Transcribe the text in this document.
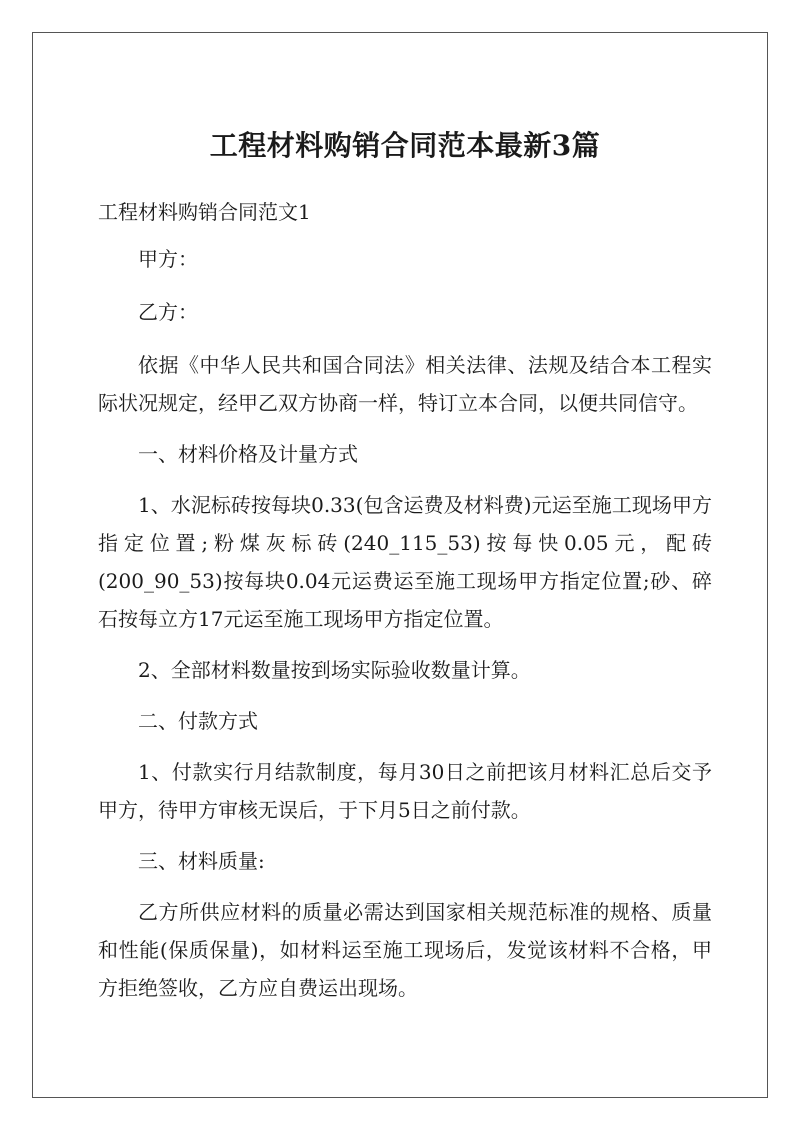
工程材料购销合同范本最新3篇
工程材料购销合同范文1

甲方：

乙方：

依据《中华人民共和国合同法》相关法律、法规及结合本工程实际状况规定，经甲乙双方协商一样，特订立本合同，以便共同信守。

一、材料价格及计量方式

1、水泥标砖按每块0.33(包含运费及材料费)元运至施工现场甲方指定位置;粉煤灰标砖(240_115_53)按每快0.05元，配砖(200_90_53)按每块0.04元运费运至施工现场甲方指定位置;砂、碎石按每立方17元运至施工现场甲方指定位置。

2、全部材料数量按到场实际验收数量计算。

二、付款方式

1、付款实行月结款制度，每月30日之前把该月材料汇总后交予甲方，待甲方审核无误后，于下月5日之前付款。

三、材料质量:

乙方所供应材料的质量必需达到国家相关规范标准的规格、质量和性能(保质保量)，如材料运至施工现场后，发觉该材料不合格，甲方拒绝签收，乙方应自费运出现场。
